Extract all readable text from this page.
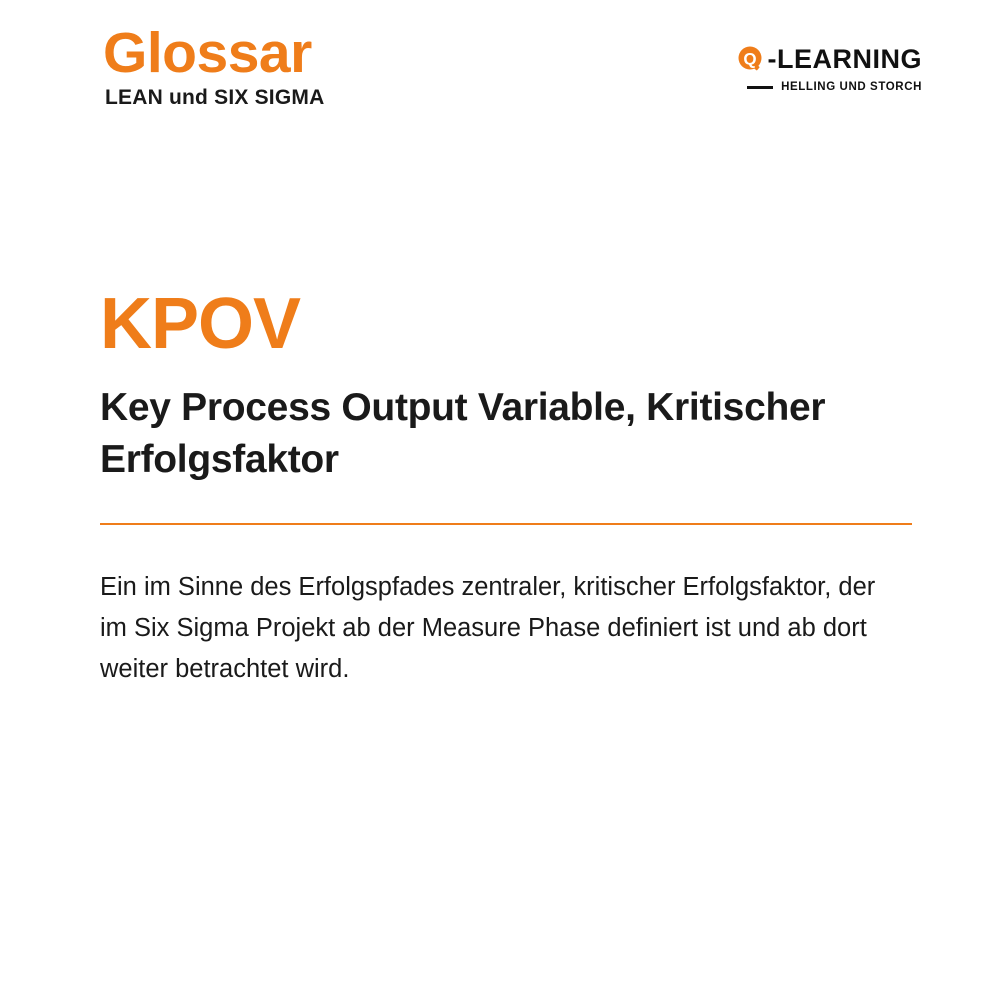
Glossar
LEAN und SIX SIGMA
Q -LEARNING
HELLING UND STORCH
KPOV
Key Process Output Variable, Kritischer Erfolgsfaktor
Ein im Sinne des Erfolgspfades zentraler, kritischer Erfolgsfaktor, der im Six Sigma Projekt ab der Measure Phase definiert ist und ab dort weiter betrachtet wird.
